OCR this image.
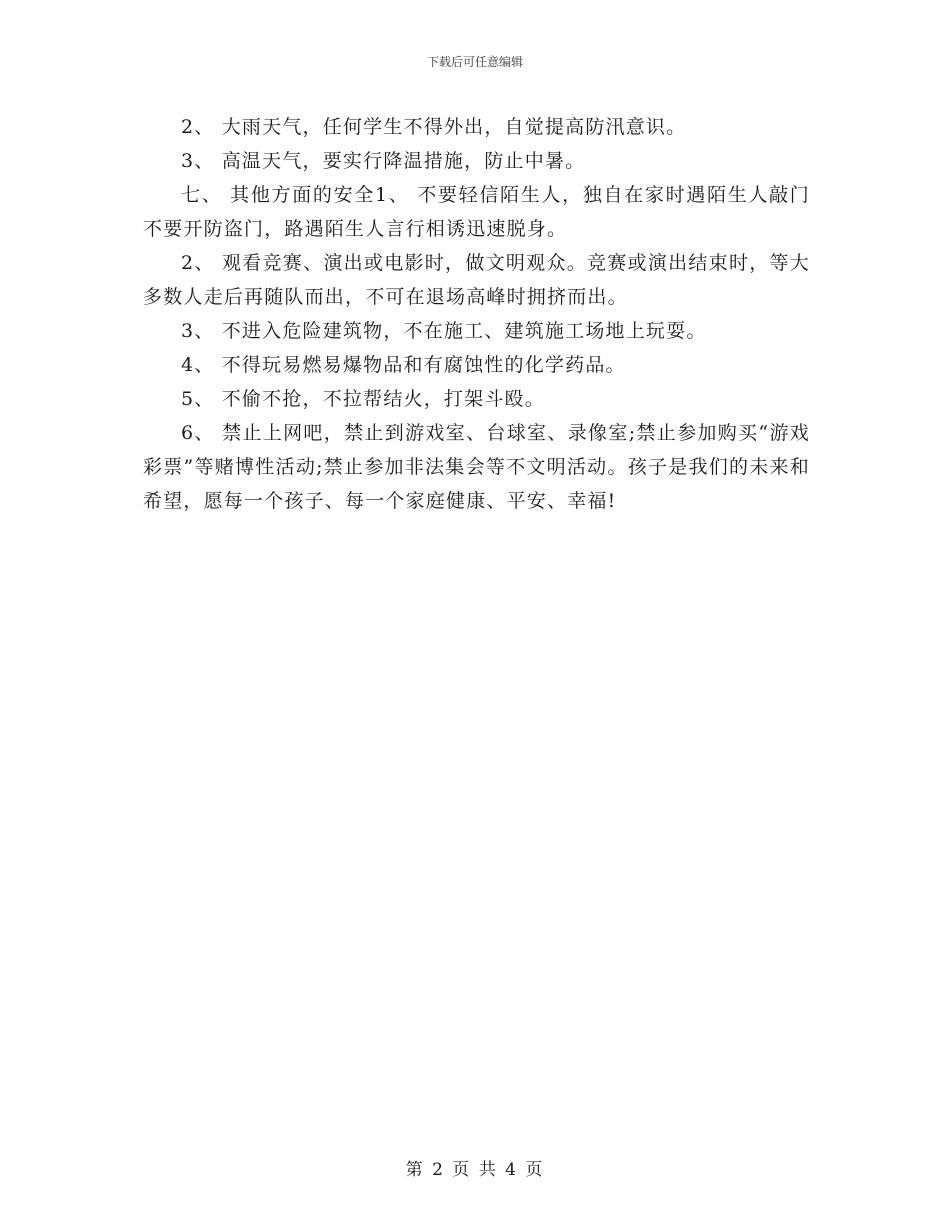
下载后可任意编辑

2、 大雨天气，任何学生不得外出，自觉提高防汛意识。

3、 高温天气，要实行降温措施，防止中暑。

七、 其他方面的安全1、 不要轻信陌生人，独自在家时遇陌生人敲门不要开防盗门，路遇陌生人言行相诱迅速脱身。

2、 观看竞赛、演出或电影时，做文明观众。竞赛或演出结束时，等大多数人走后再随队而出，不可在退场高峰时拥挤而出。

3、 不进入危险建筑物，不在施工、建筑施工场地上玩耍。

4、 不得玩易燃易爆物品和有腐蚀性的化学药品。

5、 不偷不抢，不拉帮结火，打架斗殴。

6、 禁止上网吧，禁止到游戏室、台球室、录像室;禁止参加购买“游戏彩票”等赌博性活动;禁止参加非法集会等不文明活动。孩子是我们的未来和希望，愿每一个孩子、每一个家庭健康、平安、幸福!

第 2 页 共 4 页
